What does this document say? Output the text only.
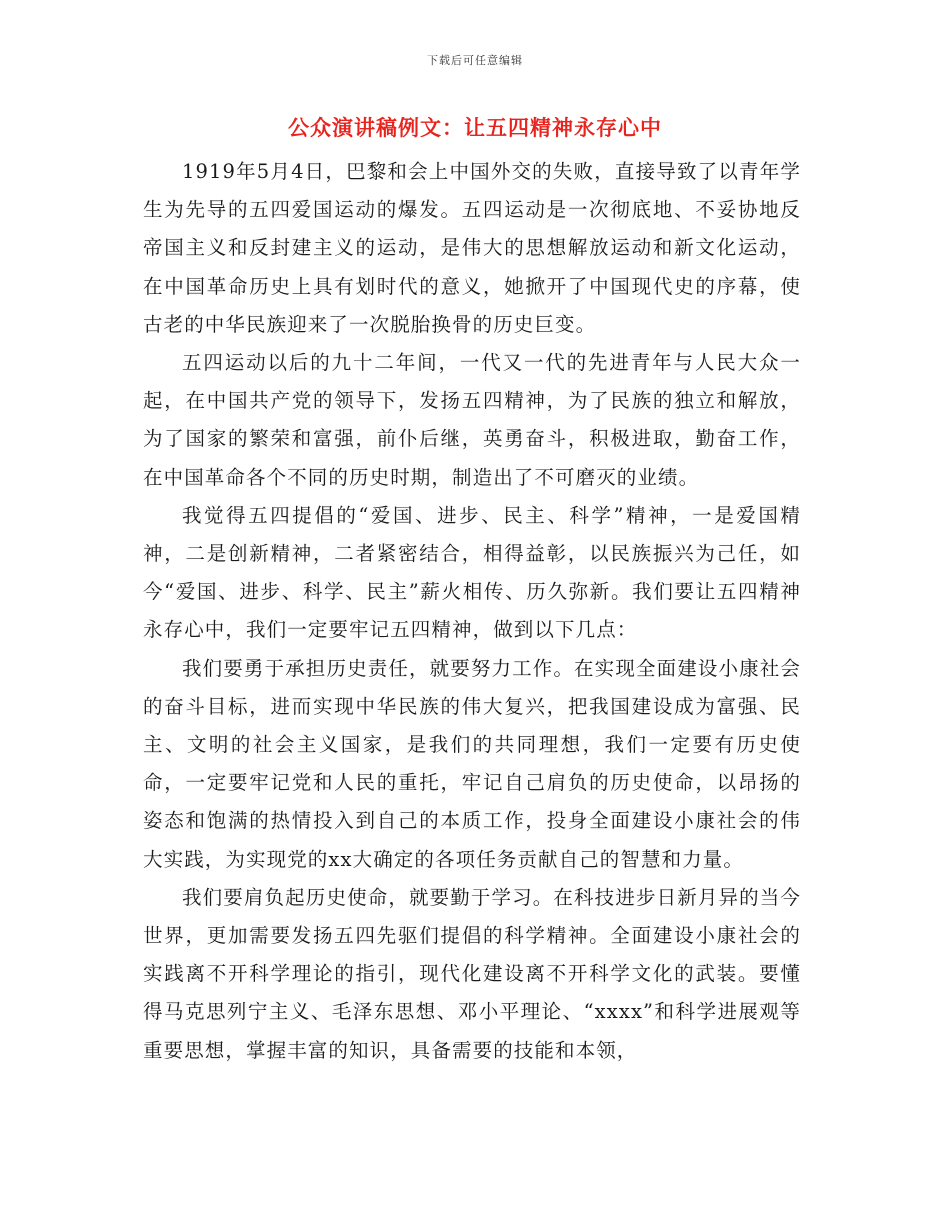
下载后可任意编辑
公众演讲稿例文：让五四精神永存心中

1919年5月4日，巴黎和会上中国外交的失败，直接导致了以青年学生为先导的五四爱国运动的爆发。五四运动是一次彻底地、不妥协地反帝国主义和反封建主义的运动，是伟大的思想解放运动和新文化运动，在中国革命历史上具有划时代的意义，她掀开了中国现代史的序幕，使古老的中华民族迎来了一次脱胎换骨的历史巨变。

五四运动以后的九十二年间，一代又一代的先进青年与人民大众一起，在中国共产党的领导下，发扬五四精神，为了民族的独立和解放，为了国家的繁荣和富强，前仆后继，英勇奋斗，积极进取，勤奋工作，在中国革命各个不同的历史时期，制造出了不可磨灭的业绩。

我觉得五四提倡的“爱国、进步、民主、科学”精神，一是爱国精神，二是创新精神，二者紧密结合，相得益彰，以民族振兴为己任，如今“爱国、进步、科学、民主”薪火相传、历久弥新。我们要让五四精神永存心中，我们一定要牢记五四精神，做到以下几点：

我们要勇于承担历史责任，就要努力工作。在实现全面建设小康社会的奋斗目标，进而实现中华民族的伟大复兴，把我国建设成为富强、民主、文明的社会主义国家，是我们的共同理想，我们一定要有历史使命，一定要牢记党和人民的重托，牢记自己肩负的历史使命，以昂扬的姿态和饱满的热情投入到自己的本质工作，投身全面建设小康社会的伟大实践，为实现党的xx大确定的各项任务贡献自己的智慧和力量。

我们要肩负起历史使命，就要勤于学习。在科技进步日新月异的当今世界，更加需要发扬五四先驱们提倡的科学精神。全面建设小康社会的实践离不开科学理论的指引，现代化建设离不开科学文化的武装。要懂得马克思列宁主义、毛泽东思想、邓小平理论、“xxxx”和科学进展观等重要思想，掌握丰富的知识，具备需要的技能和本领，
